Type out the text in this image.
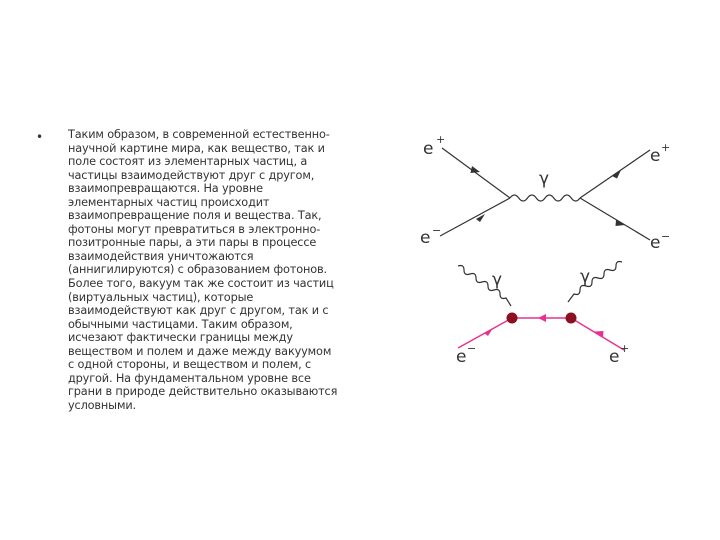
• Таким образом, в современной естественно-
научной картине мира, как вещество, так и
поле состоят из элементарных частиц, а
частицы взаимодействуют друг с другом,
взаимопревращаются. На уровне
элементарных частиц происходит
взаимопревращение поля и вещества. Так,
фотоны могут превратиться в электронно-
позитронные пары, а эти пары в процессе
взаимодействия уничтожаются
(аннигилируются) с образованием фотонов.
Более того, вакуум так же состоит из частиц
(виртуальных частиц), которые
взаимодействуют как друг с другом, так и с
обычными частицами. Таким образом,
исчезают фактически границы между
веществом и полем и даже между вакуумом
с одной стороны, и веществом и полем, с
другой. На фундаментальном уровне все
грани в природе действительно оказываются
условными.

γ
e +
e −
e +
e −
γ	γ
e −	e +
